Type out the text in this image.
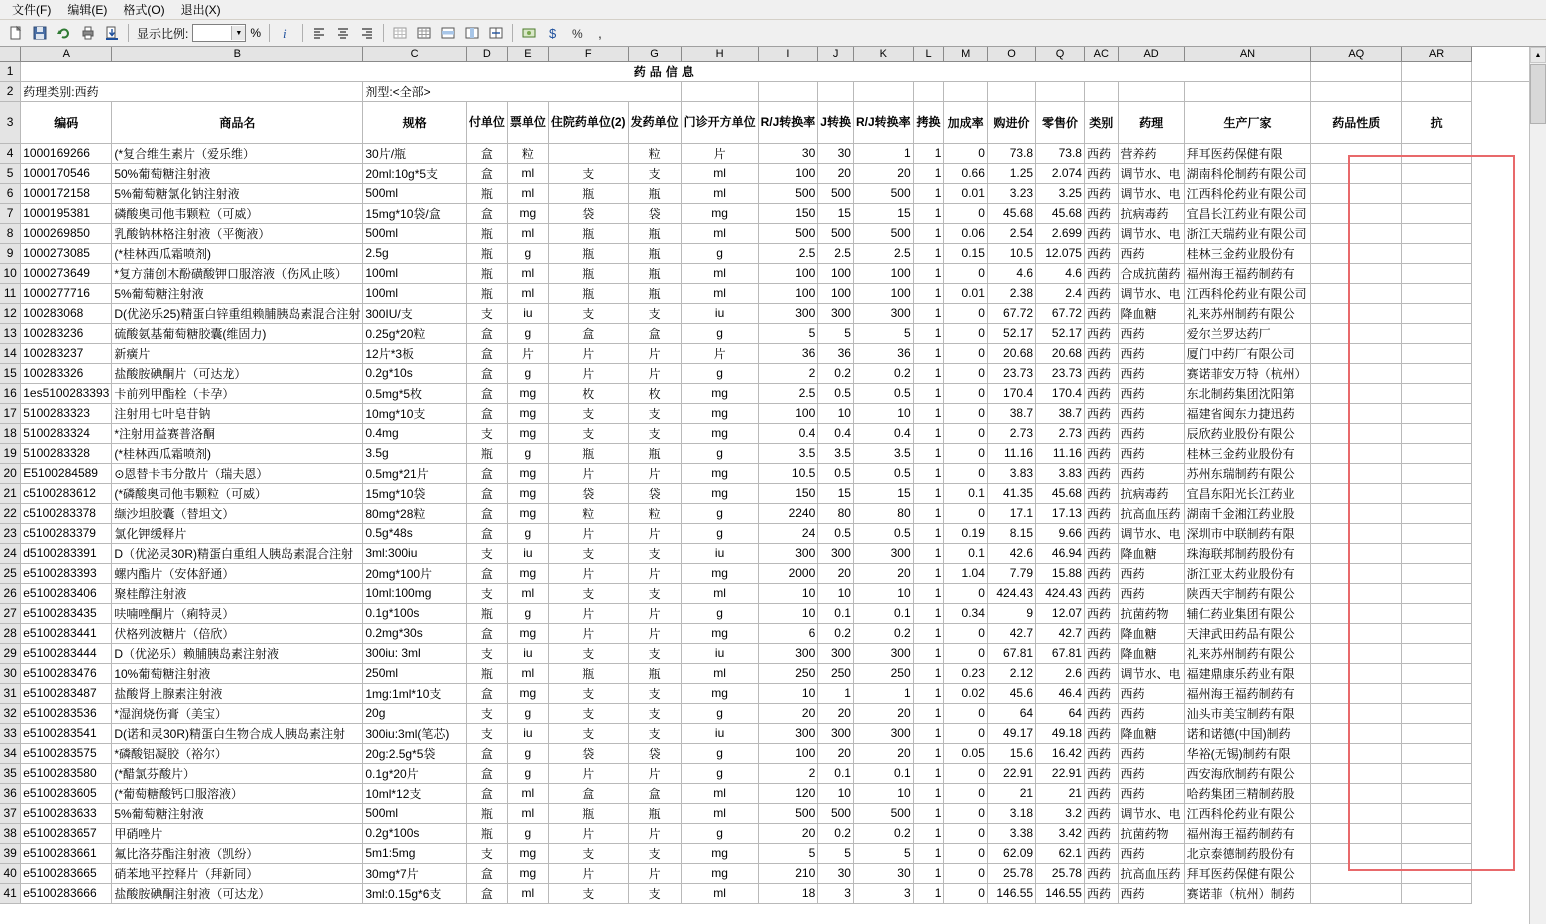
文件(F)	编辑(E)	格式(O)	退出(X)
显示比例:	▼ % i	$ % ,
	A	B	C	D	E	F	G	H	I	J	K	L	M	O	Q	AC	AD	AN	AQ	AR	
1	药品信息																				
2	药理类别:西药		剂型:<全部>																		
3	编码	商品名	规格	付单位	票单位	住院药单位(2)	发药单位	门诊开方单位	R/J转换率	J转换	R/J转换率	拷换	加成率	购进价	零售价	类别	药理	生产厂家	药品性质	抗	
4	1000169266	(*复合维生素片（爱乐维）	30片/瓶	盒	粒		粒	片	30	30	1	1	0	73.8	73.8	西药	营养药	拜耳医药保健有限			
5	1000170546	50%葡萄糖注射液	20ml:10g*5支	盒	ml	支	支	ml	100	20	20	1	0.66	1.25	2.074	西药	调节水、电	湖南科伦制药有限公司			
6	1000172158	5%葡萄糖氯化钠注射液	500ml	瓶	ml	瓶	瓶	ml	500	500	500	1	0.01	3.23	3.25	西药	调节水、电	江西科伦药业有限公司			
7	1000195381	磷酸奥司他韦颗粒（可威）	15mg*10袋/盒	盒	mg	袋	袋	mg	150	15	15	1	0	45.68	45.68	西药	抗病毒药	宜昌长江药业有限公司			
8	1000269850	乳酸钠林格注射液（平衡液）	500ml	瓶	ml	瓶	瓶	ml	500	500	500	1	0.06	2.54	2.699	西药	调节水、电	浙江天瑞药业有限公司			
9	1000273085	(*桂林西瓜霜喷剂)	2.5g	瓶	g	瓶	瓶	g	2.5	2.5	2.5	1	0.15	10.5	12.075	西药	西药	桂林三金药业股份有			
10	1000273649	*复方蒲创木酚磺酸钾口服溶液（伤风止咳）	100ml	瓶	ml	瓶	瓶	ml	100	100	100	1	0	4.6	4.6	西药	合成抗菌药	福州海王福药制药有			
11	1000277716	5%葡萄糖注射液	100ml	瓶	ml	瓶	瓶	ml	100	100	100	1	0.01	2.38	2.4	西药	调节水、电	江西科伦药业有限公司			
12	100283068	D(优泌乐25)精蛋白锌重组赖脯胰岛素混合注射	300IU/支	支	iu	支	支	iu	300	300	300	1	0	67.72	67.72	西药	降血糖	礼来苏州制药有限公			
13	100283236	硫酸氨基葡萄糖胶囊(维固力)	0.25g*20粒	盒	g	盒	盒	g	5	5	5	1	0	52.17	52.17	西药	西药	爱尔兰罗达药厂			
14	100283237	新癀片	12片*3板	盒	片	片	片	片	36	36	36	1	0	20.68	20.68	西药	西药	厦门中药厂有限公司			
15	100283326	盐酸胺碘酮片（可达龙）	0.2g*10s	盒	g	片	片	g	2	0.2	0.2	1	0	23.73	23.73	西药	西药	赛诺菲安万特（杭州）			
16	1es5100283393	卡前列甲酯栓（卡孕）	0.5mg*5枚	盒	mg	枚	枚	mg	2.5	0.5	0.5	1	0	170.4	170.4	西药	西药	东北制药集团沈阳第			
17	5100283323	注射用七叶皂苷钠	10mg*10支	盒	mg	支	支	mg	100	10	10	1	0	38.7	38.7	西药	西药	福建省闽东力捷迅药			
18	5100283324	*注射用益赛普洛酮	0.4mg	支	mg	支	支	mg	0.4	0.4	0.4	1	0	2.73	2.73	西药	西药	辰欣药业股份有限公			
19	5100283328	(*桂林西瓜霜喷剂)	3.5g	瓶	g	瓶	瓶	g	3.5	3.5	3.5	1	0	11.16	11.16	西药	西药	桂林三金药业股份有			
20	E5100284589	⊙恩替卡韦分散片（瑞夫恩）	0.5mg*21片	盒	mg	片	片	mg	10.5	0.5	0.5	1	0	3.83	3.83	西药	西药	苏州东瑞制药有限公			
21	c5100283612	(*磷酸奥司他韦颗粒（可威）	15mg*10袋	盒	mg	袋	袋	mg	150	15	15	1	0.1	41.35	45.68	西药	抗病毒药	宜昌东阳光长江药业			
22	c5100283378	缬沙坦胶囊（替坦文）	80mg*28粒	盒	mg	粒	粒	g	2240	80	80	1	0	17.1	17.13	西药	抗高血压药	湖南千金湘江药业股			
23	c5100283379	氯化钾缓释片	0.5g*48s	盒	g	片	片	g	24	0.5	0.5	1	0.19	8.15	9.66	西药	调节水、电	深圳市中联制药有限			
24	d5100283391	D（优泌灵30R)精蛋白重组人胰岛素混合注射	3ml:300iu	支	iu	支	支	iu	300	300	300	1	0.1	42.6	46.94	西药	降血糖	珠海联邦制药股份有			
25	e5100283393	螺内酯片（安体舒通）	20mg*100片	盒	mg	片	片	mg	2000	20	20	1	1.04	7.79	15.88	西药	西药	浙江亚太药业股份有			
26	e5100283406	聚桂醇注射液	10ml:100mg	支	ml	支	支	ml	10	10	10	1	0	424.43	424.43	西药	西药	陕西天宇制药有限公			
27	e5100283435	呋喃唑酮片（痢特灵）	0.1g*100s	瓶	g	片	片	g	10	0.1	0.1	1	0.34	9	12.07	西药	抗菌药物	辅仁药业集团有限公			
28	e5100283441	伏格列波糖片（倍欣）	0.2mg*30s	盒	mg	片	片	mg	6	0.2	0.2	1	0	42.7	42.7	西药	降血糖	天津武田药品有限公			
29	e5100283444	D（优泌乐）赖脯胰岛素注射液	300iu: 3ml	支	iu	支	支	iu	300	300	300	1	0	67.81	67.81	西药	降血糖	礼来苏州制药有限公			
30	e5100283476	10%葡萄糖注射液	250ml	瓶	ml	瓶	瓶	ml	250	250	250	1	0.23	2.12	2.6	西药	调节水、电	福建鼎康乐药业有限			
31	e5100283487	盐酸肾上腺素注射液	1mg:1ml*10支	盒	mg	支	支	mg	10	1	1	1	0.02	45.6	46.4	西药	西药	福州海王福药制药有			
32	e5100283536	*湿润烧伤膏（美宝）	20g	支	g	支	支	g	20	20	20	1	0	64	64	西药	西药	汕头市美宝制药有限			
33	e5100283541	D(诺和灵30R)精蛋白生物合成人胰岛素注射	300iu:3ml(笔芯)	支	iu	支	支	iu	300	300	300	1	0	49.17	49.18	西药	降血糖	诺和诺德(中国)制药			
34	e5100283575	*磷酸铝凝胶（裕尔）	20g:2.5g*5袋	盒	g	袋	袋	g	100	20	20	1	0.05	15.6	16.42	西药	西药	华裕(无锡)制药有限			
35	e5100283580	(*醋氯芬酸片）	0.1g*20片	盒	g	片	片	g	2	0.1	0.1	1	0	22.91	22.91	西药	西药	西安海欣制药有限公			
36	e5100283605	(*葡萄糖酸钙口服溶液）	10ml*12支	盒	ml	盒	盒	ml	120	10	10	1	0	21	21	西药	西药	哈药集团三精制药股			
37	e5100283633	5%葡萄糖注射液	500ml	瓶	ml	瓶	瓶	ml	500	500	500	1	0	3.18	3.2	西药	调节水、电	江西科伦药业有限公			
38	e5100283657	甲硝唑片	0.2g*100s	瓶	g	片	片	g	20	0.2	0.2	1	0	3.38	3.42	西药	抗菌药物	福州海王福药制药有			
39	e5100283661	氟比洛芬酯注射液（凯纷）	5m1:5mg	支	mg	支	支	mg	5	5	5	1	0	62.09	62.1	西药	西药	北京泰德制药股份有			
40	e5100283665	硝苯地平控释片（拜新同）	30mg*7片	盒	mg	片	片	mg	210	30	30	1	0	25.78	25.78	西药	抗高血压药	拜耳医药保健有限公			
41	e5100283666	盐酸胺碘酮注射液（可达龙）	3ml:0.15g*6支	盒	ml	支	支	ml	18	3	3	1	0	146.55	146.55	西药	西药	赛诺菲（杭州）制药			
▲
